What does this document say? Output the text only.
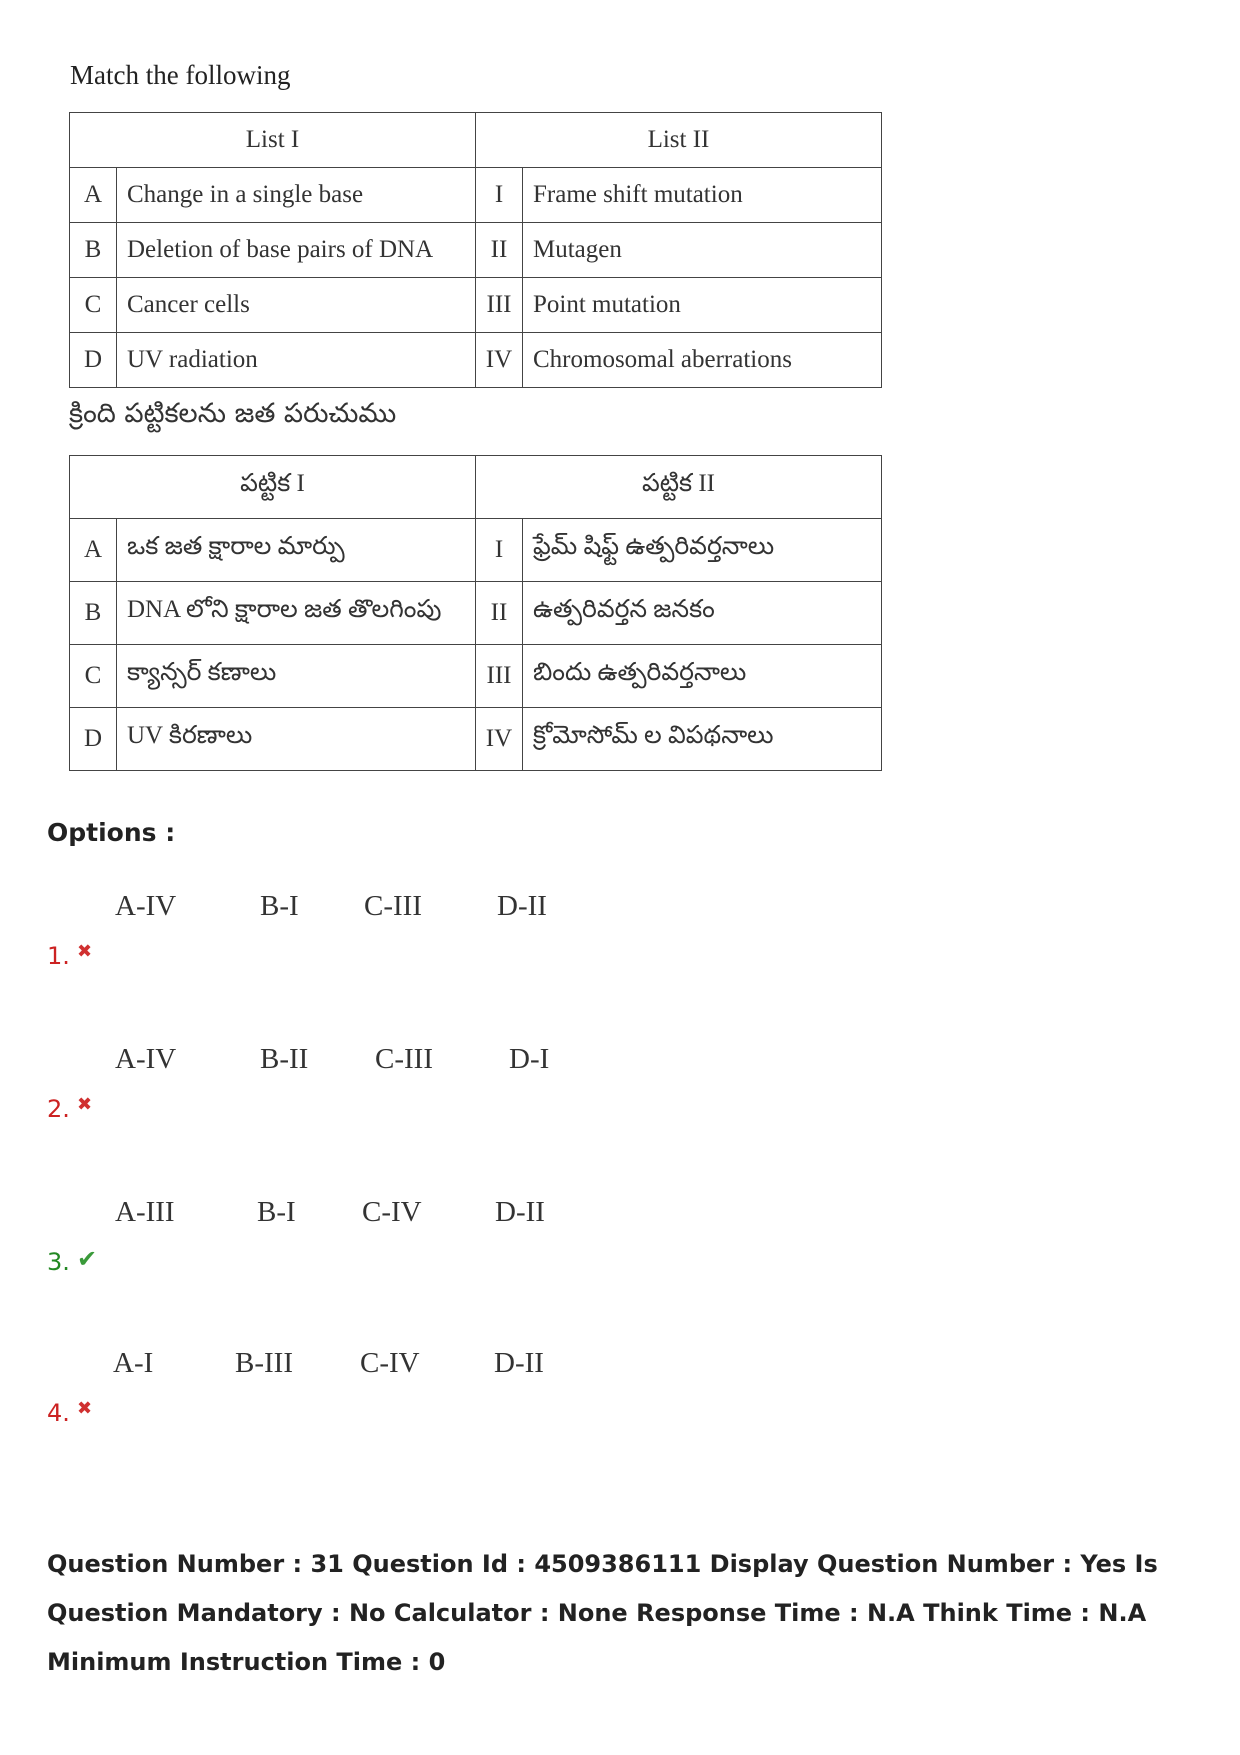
Match the following
List I		List II	
A	Change in a single base	I	Frame shift mutation
B	Deletion of base pairs of DNA	II	Mutagen
C	Cancer cells	III	Point mutation
D	UV radiation	IV	Chromosomal aberrations
క్రింది పట్టికలను జత పరుచుము
పట్టిక I		పట్టిక II	
A	ఒక జత క్షారాల మార్పు	I	ఫ్రేమ్ షిఫ్ట్ ఉత్పరివర్తనాలు
B	DNA లోని క్షారాల జత తొలగింపు	II	ఉత్పరివర్తన జనకం
C	క్యాన్సర్ కణాలు	III	బిందు ఉత్పరివర్తనాలు
D	UV కిరణాలు	IV	క్రోమోసోమ్ ల విపథనాలు
Options :
1. ✖
A-IV	B-I C-III	D-II
2. ✖
A-IV	B-II C-III	D-I
3. ✔
A-III	B-I C-IV	D-II
4. ✖
A-I	B-III C-IV	D-II
Question Number : 31 Question Id : 4509386111 Display Question Number : Yes Is Question Mandatory : No Calculator : None Response Time : N.A Think Time : N.A Minimum Instruction Time : 0
